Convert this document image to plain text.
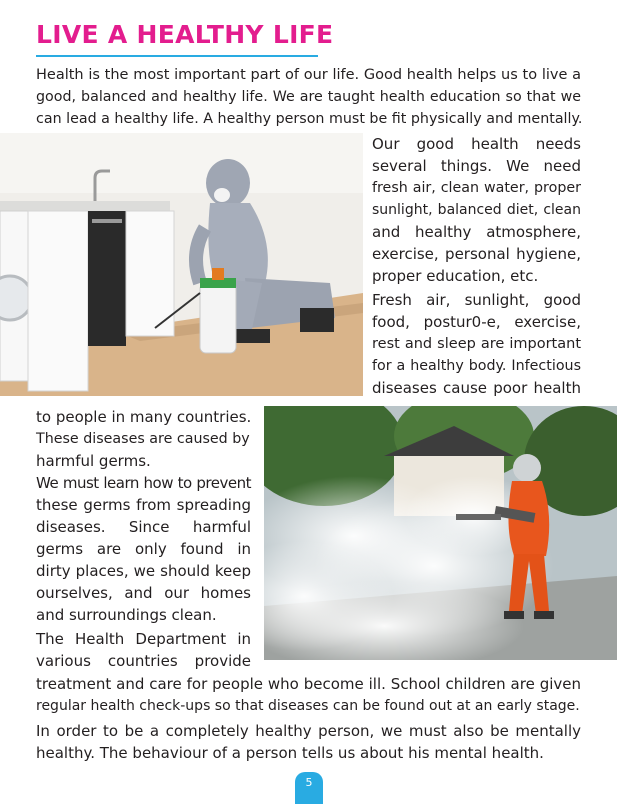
LIVE A HEALTHY LIFE
Health is the most important part of our life. Good health helps us to live a
good, balanced and healthy life. We are taught health education so that we
can lead a healthy life. A healthy person must be fit physically and mentally.
Our good health needs
several things. We need
fresh air, clean water, proper
sunlight, balanced diet, clean
and healthy atmosphere,
exercise, personal hygiene,
proper education, etc.
Fresh air, sunlight, good
food, postur0-e, exercise,
rest and sleep are important
for a healthy body. Infectious
diseases cause poor health
to people in many countries.
These diseases are caused by
harmful germs.
We must learn how to prevent
these germs from spreading
diseases. Since harmful
germs are only found in
dirty places, we should keep
ourselves, and our homes
and surroundings clean.
The Health Department in
various countries provide
treatment and care for people who become ill. School children are given
regular health check-ups so that diseases can be found out at an early stage.
In order to be a completely healthy person, we must also be mentally
healthy. The behaviour of a person tells us about his mental health.
5
